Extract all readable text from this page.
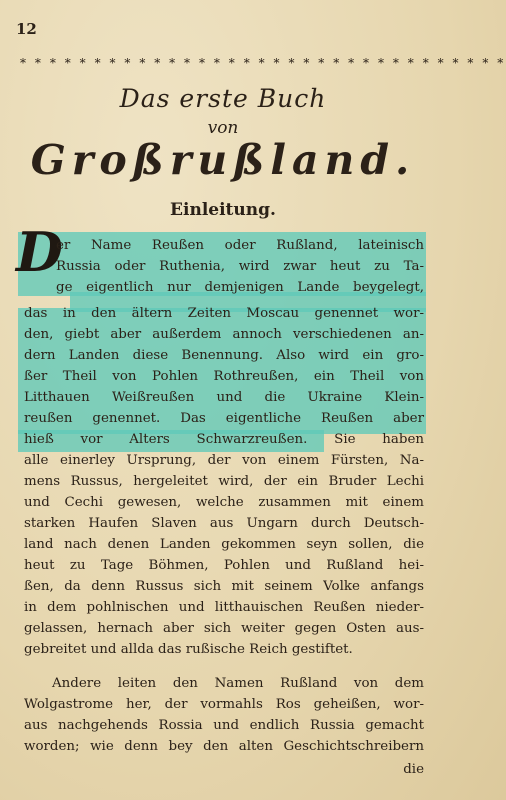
12
* * * * * * * * * * * * * * * * * * * * * * * * * * * * * * * * *
Das erste Buch
von
Großrußland.
Einleitung.
D
er Name Reußen oder Rußland, lateinisch
Russia oder Ruthenia, wird zwar heut zu Ta-
ge eigentlich nur demjenigen Lande beygelegt,
das in den ältern Zeiten Moscau genennet wor-
den, giebt aber außerdem annoch verschiedenen an-
dern Landen diese Benennung. Also wird ein gro-
ßer Theil von Pohlen Rothreußen, ein Theil von
Litthauen Weißreußen und die Ukraine Klein-
reußen genennet. Das eigentliche Reußen aber
hieß vor Alters Schwarzreußen. Sie haben
alle einerley Ursprung, der von einem Fürsten, Na-
mens Russus, hergeleitet wird, der ein Bruder Lechi
und Cechi gewesen, welche zusammen mit einem
starken Haufen Slaven aus Ungarn durch Deutsch-
land nach denen Landen gekommen seyn sollen, die
heut zu Tage Böhmen, Pohlen und Rußland hei-
ßen, da denn Russus sich mit seinem Volke anfangs
in dem pohlnischen und litthauischen Reußen nieder-
gelassen, hernach aber sich weiter gegen Osten aus-
gebreitet und allda das rußische Reich gestiftet.
Andere leiten den Namen Rußland von dem
Wolgastrome her, der vormahls Ros geheißen, wor-
aus nachgehends Rossia und endlich Russia gemacht
worden; wie denn bey den alten Geschichtschreibern
die
